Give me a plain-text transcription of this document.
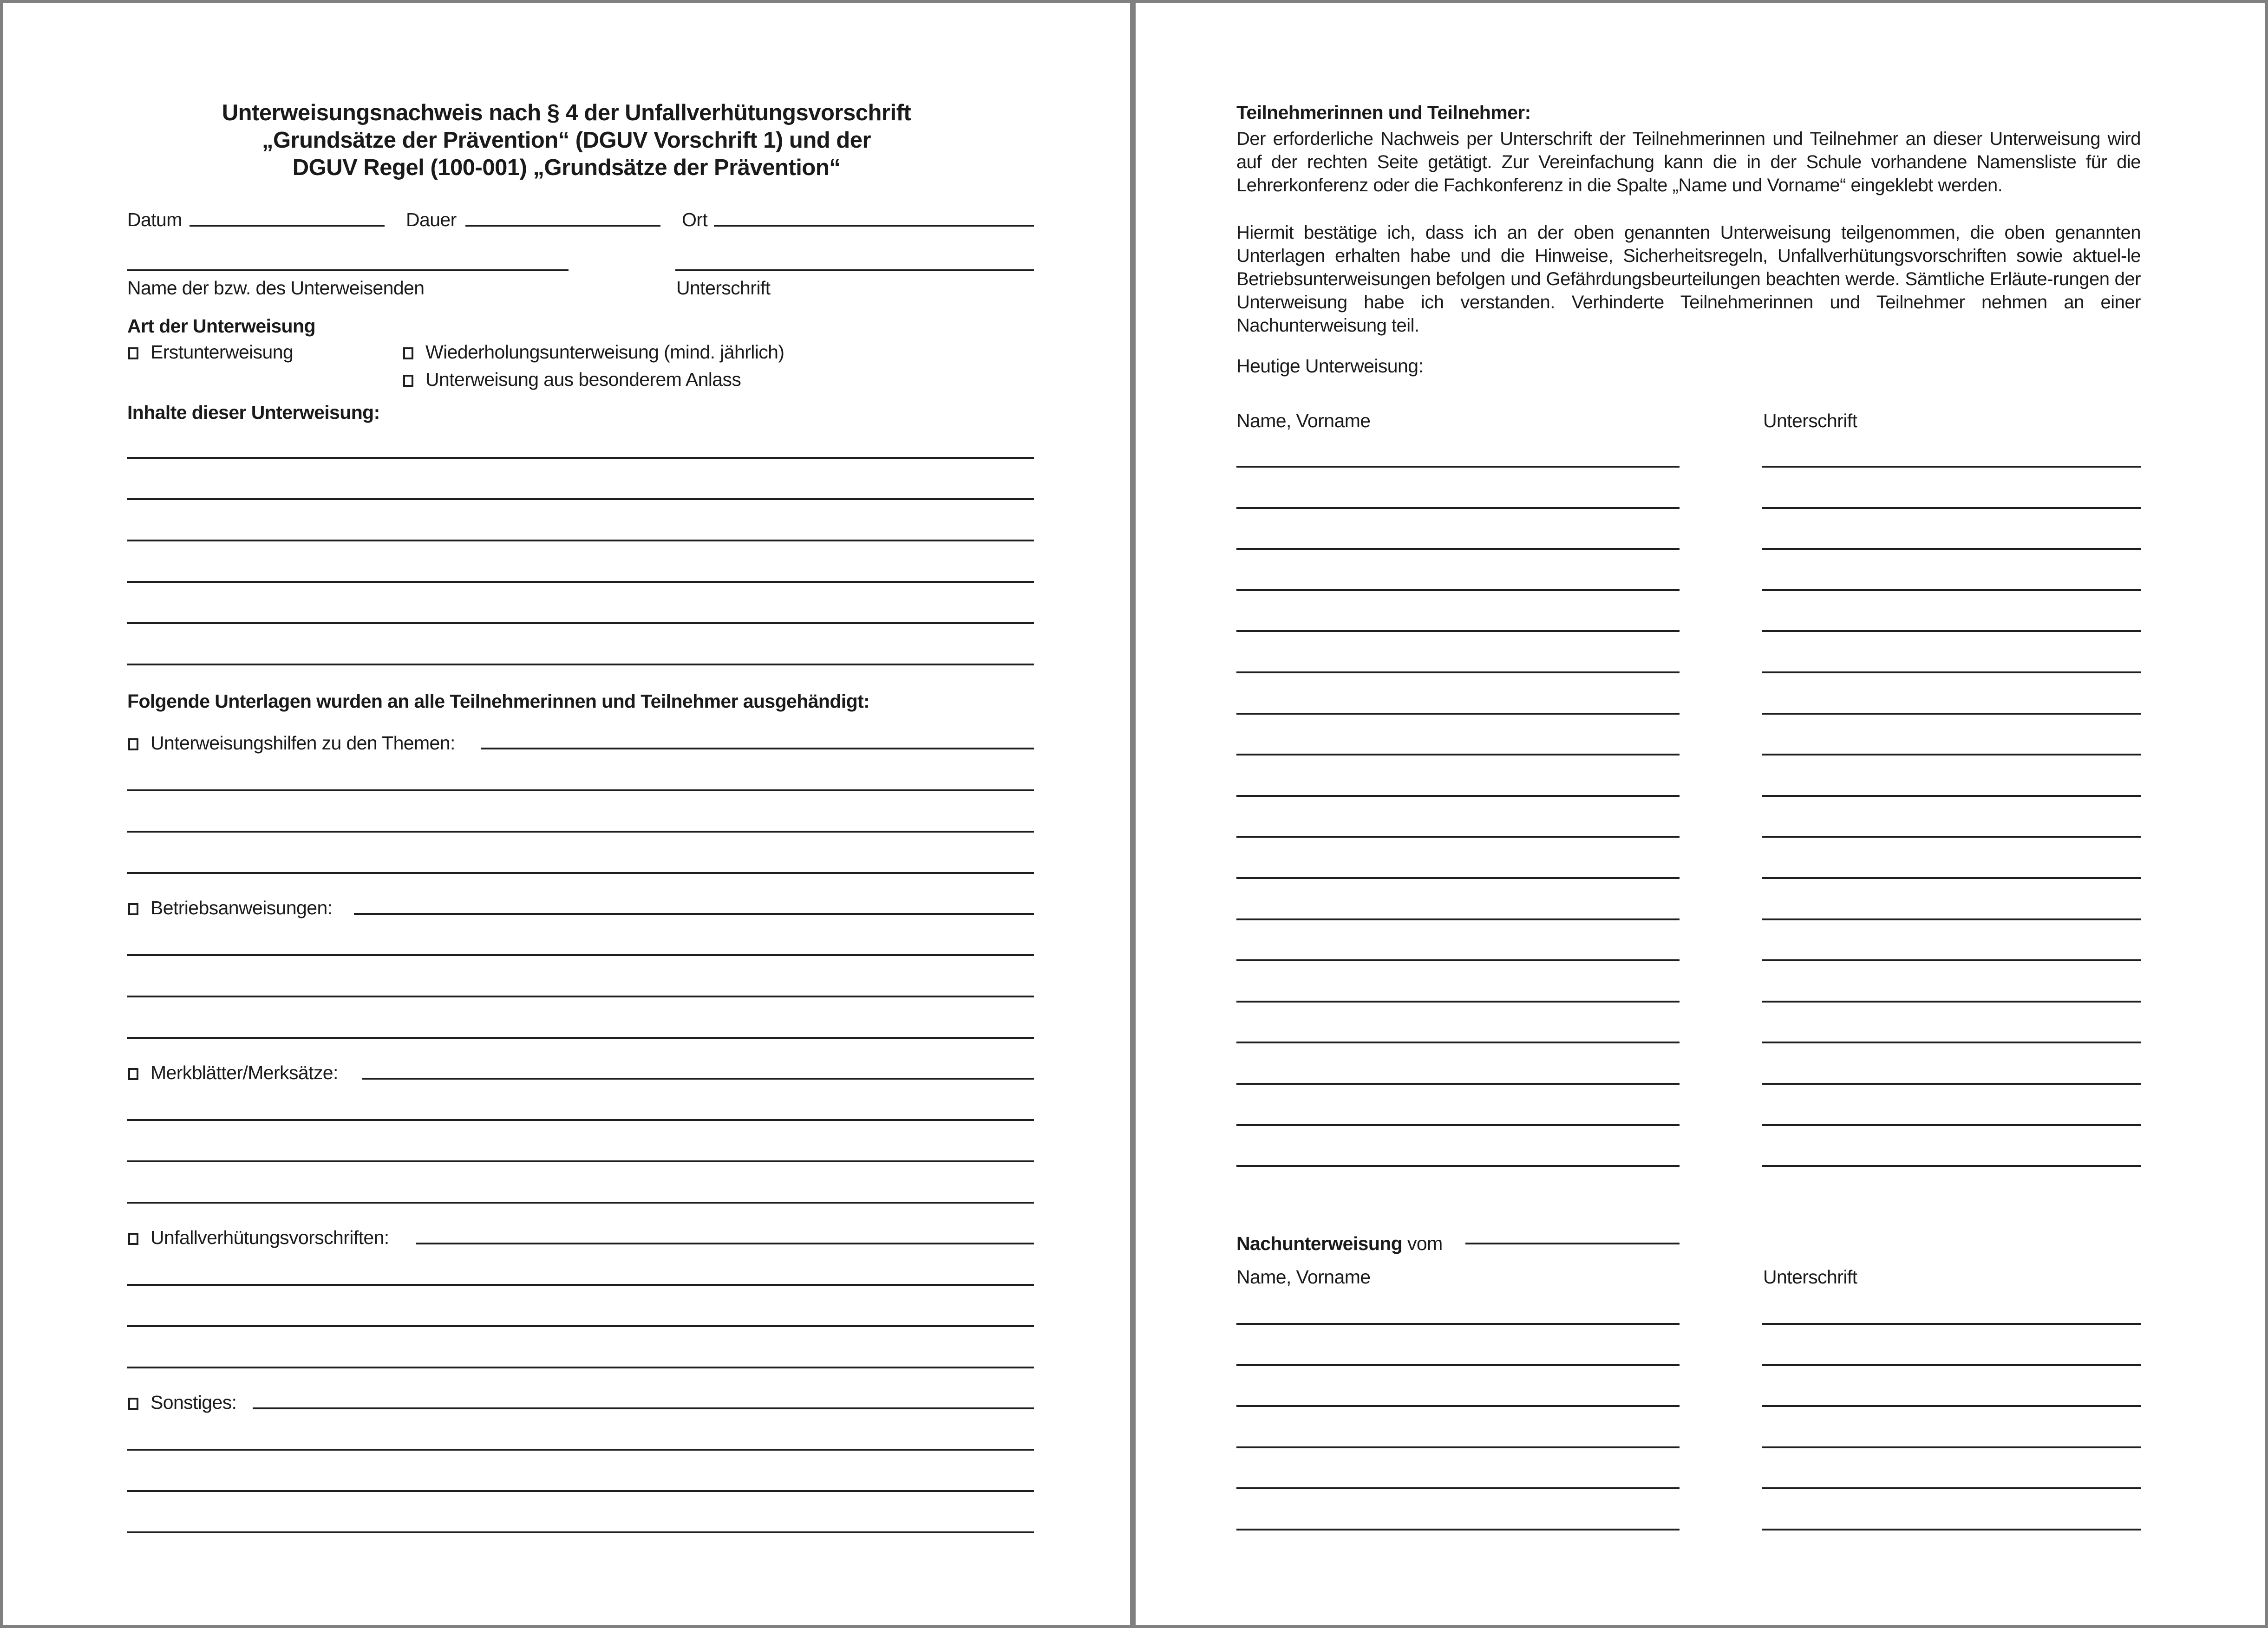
Unterweisungsnachweis nach § 4 der Unfallverhütungsvorschrift
„Grundsätze der Prävention“ (DGUV Vorschrift 1) und der
DGUV Regel (100-001) „Grundsätze der Prävention“
Datum	Dauer	Ort
Name der bzw. des Unterweisenden	Unterschrift
Art der Unterweisung
Erstunterweisung	Wiederholungsunterweisung (mind. jährlich)
Unterweisung aus besonderem Anlass
Inhalte dieser Unterweisung:
Folgende Unterlagen wurden an alle Teilnehmerinnen und Teilnehmer ausgehändigt:
Unterweisungshilfen zu den Themen:
Betriebsanweisungen:
Merkblätter/Merksätze:
Unfallverhütungsvorschriften:
Sonstiges:
Teilnehmerinnen und Teilnehmer:

Der erforderliche Nachweis per Unterschrift der Teilnehmerinnen und Teilnehmer an dieser Unterweisung wird auf der rechten Seite getätigt. Zur Vereinfachung kann die in der Schule vorhandene Namensliste für die Lehrerkonferenz oder die Fachkonferenz in die Spalte „Name und Vorname“ eingeklebt werden.

Hiermit bestätige ich, dass ich an der oben genannten Unterweisung teilgenommen, die oben genannten Unterlagen erhalten habe und die Hinweise, Sicherheitsregeln, Unfallverhütungsvorschriften sowie aktuel-le Betriebsunterweisungen befolgen und Gefährdungsbeurteilungen beachten werde. Sämtliche Erläute-rungen der Unterweisung habe ich verstanden. Verhinderte Teilnehmerinnen und Teilnehmer nehmen an einer Nachunterweisung teil.

Heutige Unterweisung:
Name, Vorname	Unterschrift
Nachunterweisung vom
Name, Vorname	Unterschrift
